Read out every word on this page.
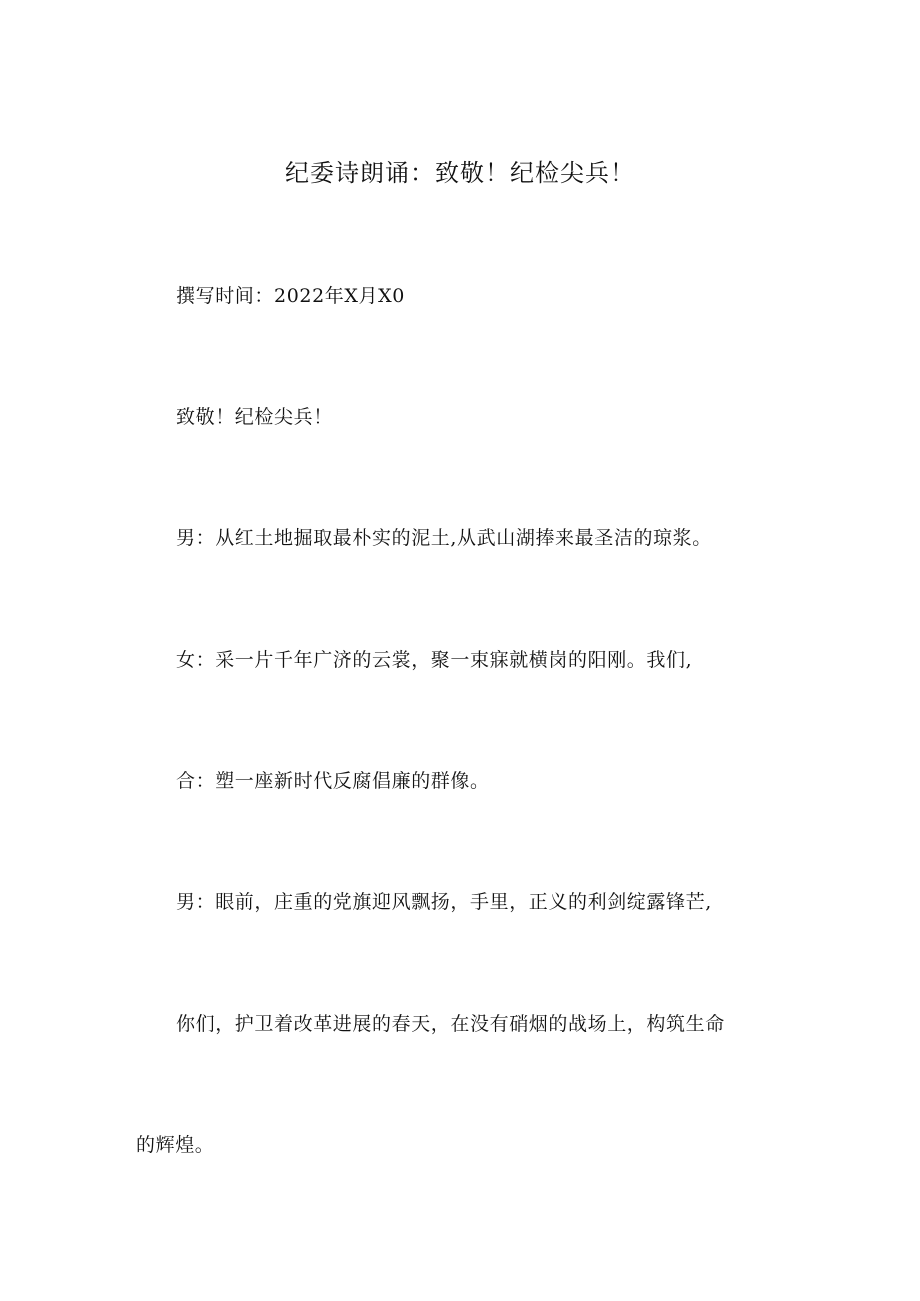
纪委诗朗诵：致敬！纪检尖兵！
撰写时间：2022年X月X0
致敬！纪检尖兵！
男：从红土地掘取最朴实的泥土,从武山湖捧来最圣洁的琼浆。
女：采一片千年广济的云裳，聚一束寐就横岗的阳刚。我们,
合：塑一座新时代反腐倡廉的群像。
男：眼前，庄重的党旗迎风飘扬，手里，正义的利剑绽露锋芒,
你们，护卫着改革进展的春天，在没有硝烟的战场上，构筑生命
的辉煌。
